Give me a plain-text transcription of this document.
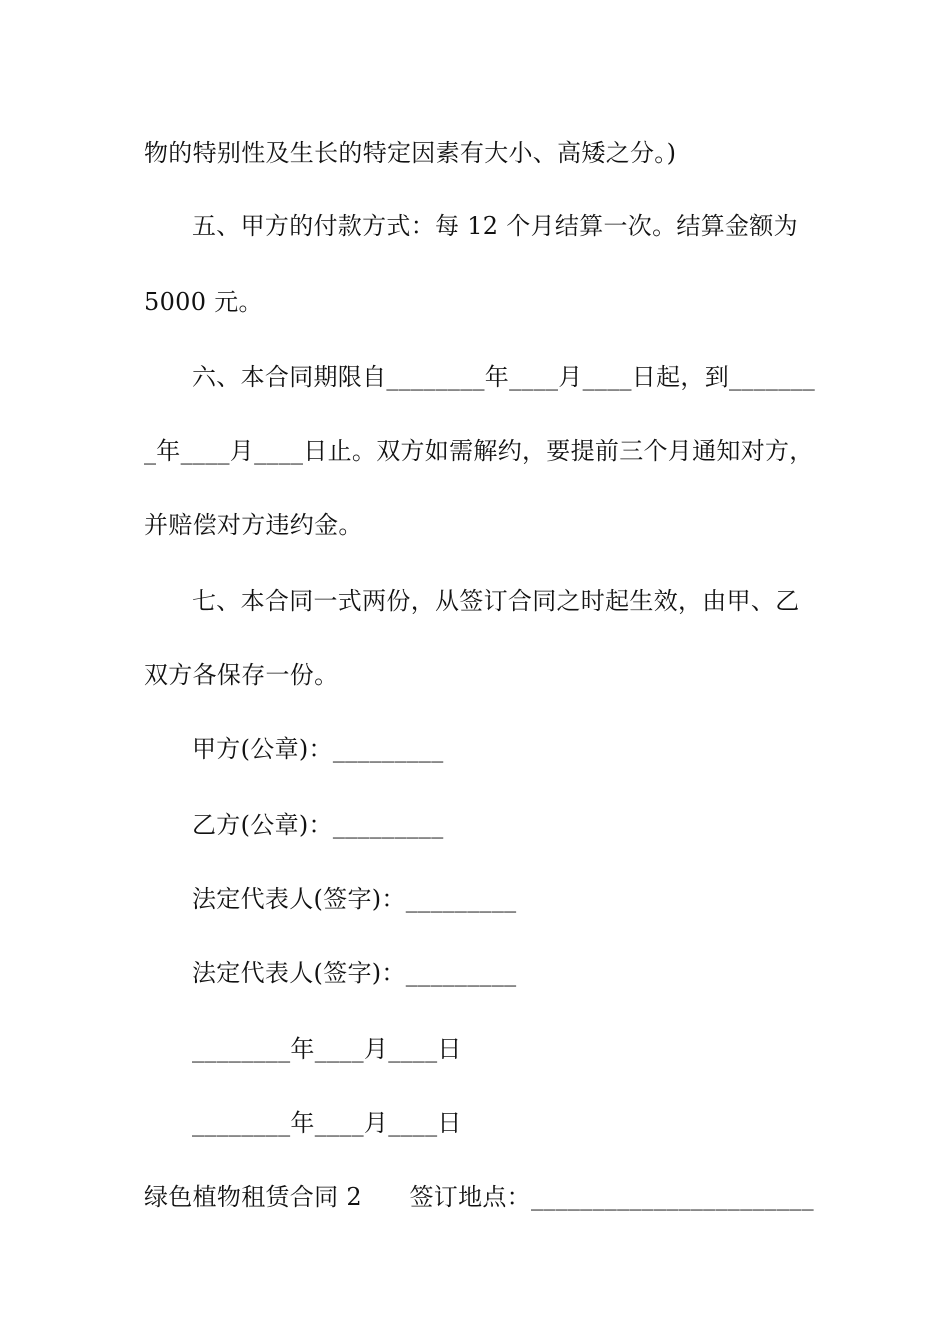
物的特别性及生长的特定因素有大小、高矮之分。)
五、甲方的付款方式：每 12 个月结算一次。结算金额为
5000 元。
六、本合同期限自________年____月____日起，到_______
_年____月____日止。双方如需解约，要提前三个月通知对方，
并赔偿对方违约金。
七、本合同一式两份，从签订合同之时起生效，由甲、乙
双方各保存一份。
甲方(公章)：_________
乙方(公章)：_________
法定代表人(签字)：_________
法定代表人(签字)：_________
________年____月____日
________年____月____日
绿色植物租赁合同 2      签订地点：_______________________
